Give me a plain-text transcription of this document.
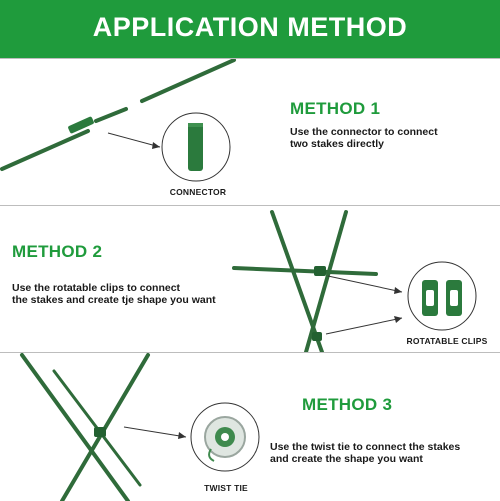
APPLICATION METHOD
CONNECTOR
METHOD 1
Use the connector to connect
two stakes directly
ROTATABLE CLIPS
METHOD 2
Use the rotatable clips to connect
the stakes and create tje shape you want
TWIST TIE
METHOD 3
Use the twist tie to connect the stakes
and create the shape you want
